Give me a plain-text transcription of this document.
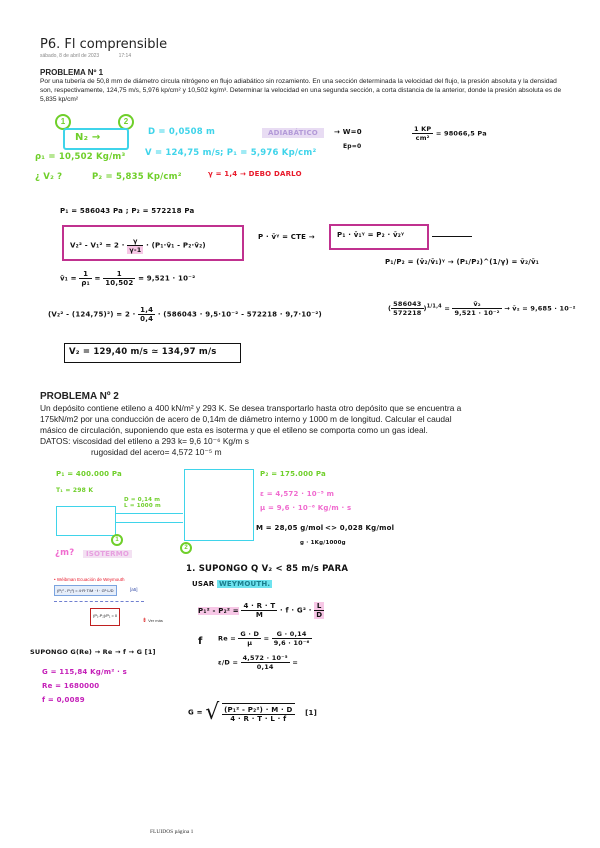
P6. Fl comprensible
sábado, 8 de abril de 2023	17:14
PROBLEMA Nº 1
Por una tubería de 50,8 mm de diámetro circula nitrógeno en flujo adiabático sin rozamiento. En una sección determinada la velocidad del flujo, la presión absoluta y la densidad son, respectivamente, 124,75 m/s, 5,976 kp/cm² y 10,502 kg/m³. Determinar la velocidad en una segunda sección, a corta distancia de la anterior, donde la presión absoluta es de 5,835 kp/cm²
1	2
N₂ →	D = 0,0508 m	ADIABÁTICO	→ W=0
Ep=0
$\frac{1 KP}{\text{cm²}} = 98066,5$ Pa
ρ₁ = 10,502 Kg/m³ V = 124,75 m/s ; P₁ = 5,976 Kp/cm²
¿ V₂ ?	P₂ = 5,835 Kp/cm²	γ = 1,4 → DEBO DARLO
P₁ = 586043 Pa ; P₂ = 572218 Pa
$V_2^2 - V_1^2 = 2 \cdot \frac{\gamma}{\gamma-1}$ · (P₁·v̄₁ - P₂·v̄₂)
P · v̄ᵞ = CTE →	P₁ · v̄₁ᵞ = P₂ · v̄₂ᵞ
P₁/P₂ = (v̄₂/v̄₁)ᵞ → (P₁/P₂)^(1/γ) = v̄₂/v̄₁
v̄₁ = $\frac{1}{\text{ρ₁}} = \frac{1}{10,502} = 9,521 \cdot 10^{-2}$
( $\frac{586043}{572218} )^{1/1,4} = \frac{\text{v̄₂}}{\text{9,521 · 10⁻²}}$ → v̄₂ = 9,685 · 10⁻²
$(V_2^2 - (124,75)^2) = 2 \cdot \frac{1,4}{0,4} \cdot (586043 \cdot 9,5\cdot 10^{-2} - 572218 \cdot 9,7\cdot 10^{-2})$
V₂ = 129,40 m/s ≃ 134,97 m/s
PROBLEMA Nº 2
Un depósito contiene etileno a 400 kN/m² y 293 K. Se desea transportarlo hasta otro depósito que se encuentra a
175kN/m2 por una conducción de acero de 0,14m de diámetro interno y 1000 m de longitud. Calcular el caudal
másico de circulación, suponiendo que esta es isoterma y que el etileno se comporta como un gas ideal.
DATOS: viscosidad del etileno a 293 k= 9,6 10⁻⁶ Kg/m s
rugosidad del acero= 4,572 10⁻⁵ m
P₁ = 400.000 Pa
T₁ = 298 K
D = 0,14 m
L = 1000 m
1
2
P₂ = 175.000 Pa
ε = 4,572 · 10⁻⁵ m
μ = 9,6 · 10⁻⁶ Kg/m · s
M = 28,05 g/mol <> 0,028 Kg/mol
g · 1Kg/1000g
¿m?	ISOTERMO
1. SUPONGO Q V₂ < 85 m/s PARA
USAR WEYMOUTH.
• Wéibman Ecuación de Weymouth
(P₁² - P₂²) = 4·R·T/M · f · G²·L/D	[a5]
(P₁-P₂)/P₁ = 0
⇟ Ver más
$P_1^2 - P_2^2 = \frac{4 \cdot R \cdot T}{M} \cdot f \cdot G^2 \cdot \frac{L}{D}$
f $Re = \frac{G \cdot D}{\mu} = \frac{G \cdot 0,14}{\text{9,6 · 10⁻⁶}}$
$\varepsilon/D = \frac{\text{4,572 · 10⁻⁵}}{0,14}$ =
SUPONGO G(Re) → Re → f → G [1]
G = 115,84 Kg/m² · s
Re = 1680000
f = 0,0089
G = √ $\frac{\text{(P₁² - P₂²) · M · D}}{4 \cdot R \cdot T \cdot L \cdot f} [1]$
FLUIDOS página 1
